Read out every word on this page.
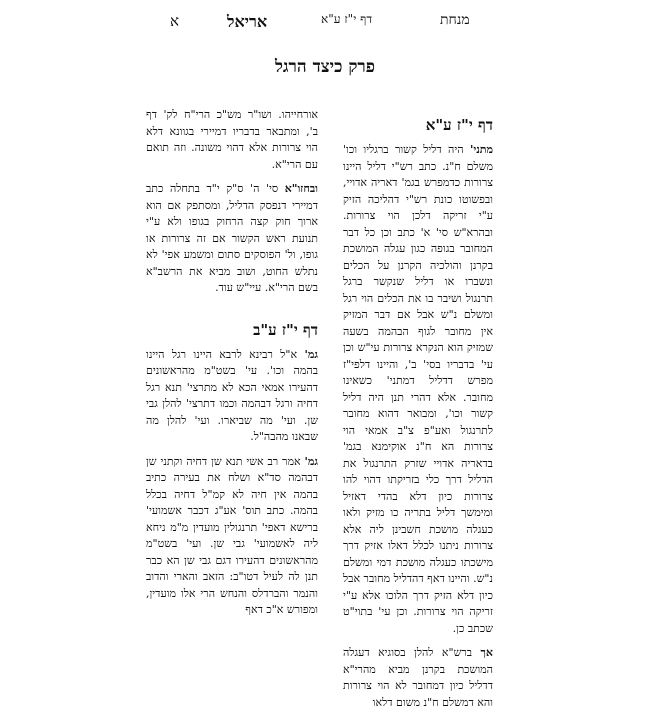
א	אריאל	דף י"ז ע"א	מנחת
פרק כיצד הרגל
דף י"ז ע"א

מתני' היה דליל קשור ברגליו וכו' משלם ח"נ. כתב רש"י דליל היינו צרורות כדמפרש בגמ' דאריה אדויי, ובפשוטו כונת רש"י דהליכה הזיק ע"י זריקה דלכן הוי צרורות. ובהרא"ש סי' א' כתב וכן כל דבר המחובר בגופה כגון עגלה המושכת בקרנן והולכיה הקרנן על הכלים ונשברו או דליל שנקשר ברגל תרנגול ושיבר בו את הכלים הוי רגל ומשלם נ"ש אבל אם דבר המזיק אין מחובר לגוף הבהמה בשעה שמזיק הוא הנקרא צרורות עי"ש וכן עי' בדבריו בסי' ב', והיינו דלפי"ז מפרש דדליל דמתני' כשאינו מחובר. אלא דהרי תנן היה דליל קשור וכו', ומבואר דהוא מחובר לתרנגול ואע"פ צ"ב אמאי הוי צרורות הא ח"נ אוקימנא בגמ' בדאריה אדויי שזרק התרנגול את הדליל דרך כלי בזריקתו דהוי להו צרורות כיון דלא בהדי דאזיל ומימשך דליל בתריה כו מזיק ולאו כעגלה מושכת חשבינן ליה אלא צרורות ניתנו לכלל דאלו אזיק דרך מישכתו כעגלה מושכת דמי ומשלם נ"ש. והיינו דאף דהדליל מחובר אבל כיון דלא הזיק דרך הלוכו אלא ע"י זריקה הוי צרורות. וכן עי' בתוי"ט שכתב כן.

אך ברש"א להלן בסוגיא דעגלה המושכת בקרנן מביא מהרי"א דדליל כיון דמחובר לא הוי צרורות והא דמשלם ח"נ משום דלאו

אורחייהו. ושו"ר מש"כ הרי"ח לק' דף ב', ומתבאר בדבריו דמיירי בגוונא דלא הוי צרורות אלא דהוי משונה. וזה תואם עם הרי"א.

ובחזו"א סי' ה' ס"ק י"ד בתחלה כתב דמיירי דנפסק הדליל, ומסתפק אם הוא ארוך חוק קצה הרחוק בגופו ולא ע"י תנועת ראש הקשור אם זה צרורות או גופו, ול' הפוסקים סתום ומשמע אפי' לא נתלש החוט, ושוב מביא את הרשב"א בשם הרי"א. עיי"ש עוד.

דף י"ז ע"ב

גמ' א"ל רבינא לרבא היינו רגל היינו בהמה וכו'. עי' בשט"מ מהראשונים דהעירו אמאי הכא לא מתרצי' תנא רגל דחיה ורגל דבהמה וכמו דתרצי' להלן גבי שן. ועי' מה שביארו. ועי' להלן מה שבאנו מהבה"ל.

גמ' אמר רב אשי תנא שן דחיה וקתני שן דבהמה סד"א ושלח את בעירה כתיב בהמה אין חיה לא קמ"ל דחיה בכלל בהמה. כתב תוס' אע"ג דכבר אשמועי' ברישא דאפי' תרנגולין מועדין מ"מ ניחא ליה לאשמועי' גבי שן. ועי' בשט"מ מהראשונים דהעירו דגם גבי שן הא כבר תנן לה לעיל דטו"ב: הזאב והארי והדוב והנמר והברדלס והנחש הרי אלו מועדין, ומפורש א"כ דאף
